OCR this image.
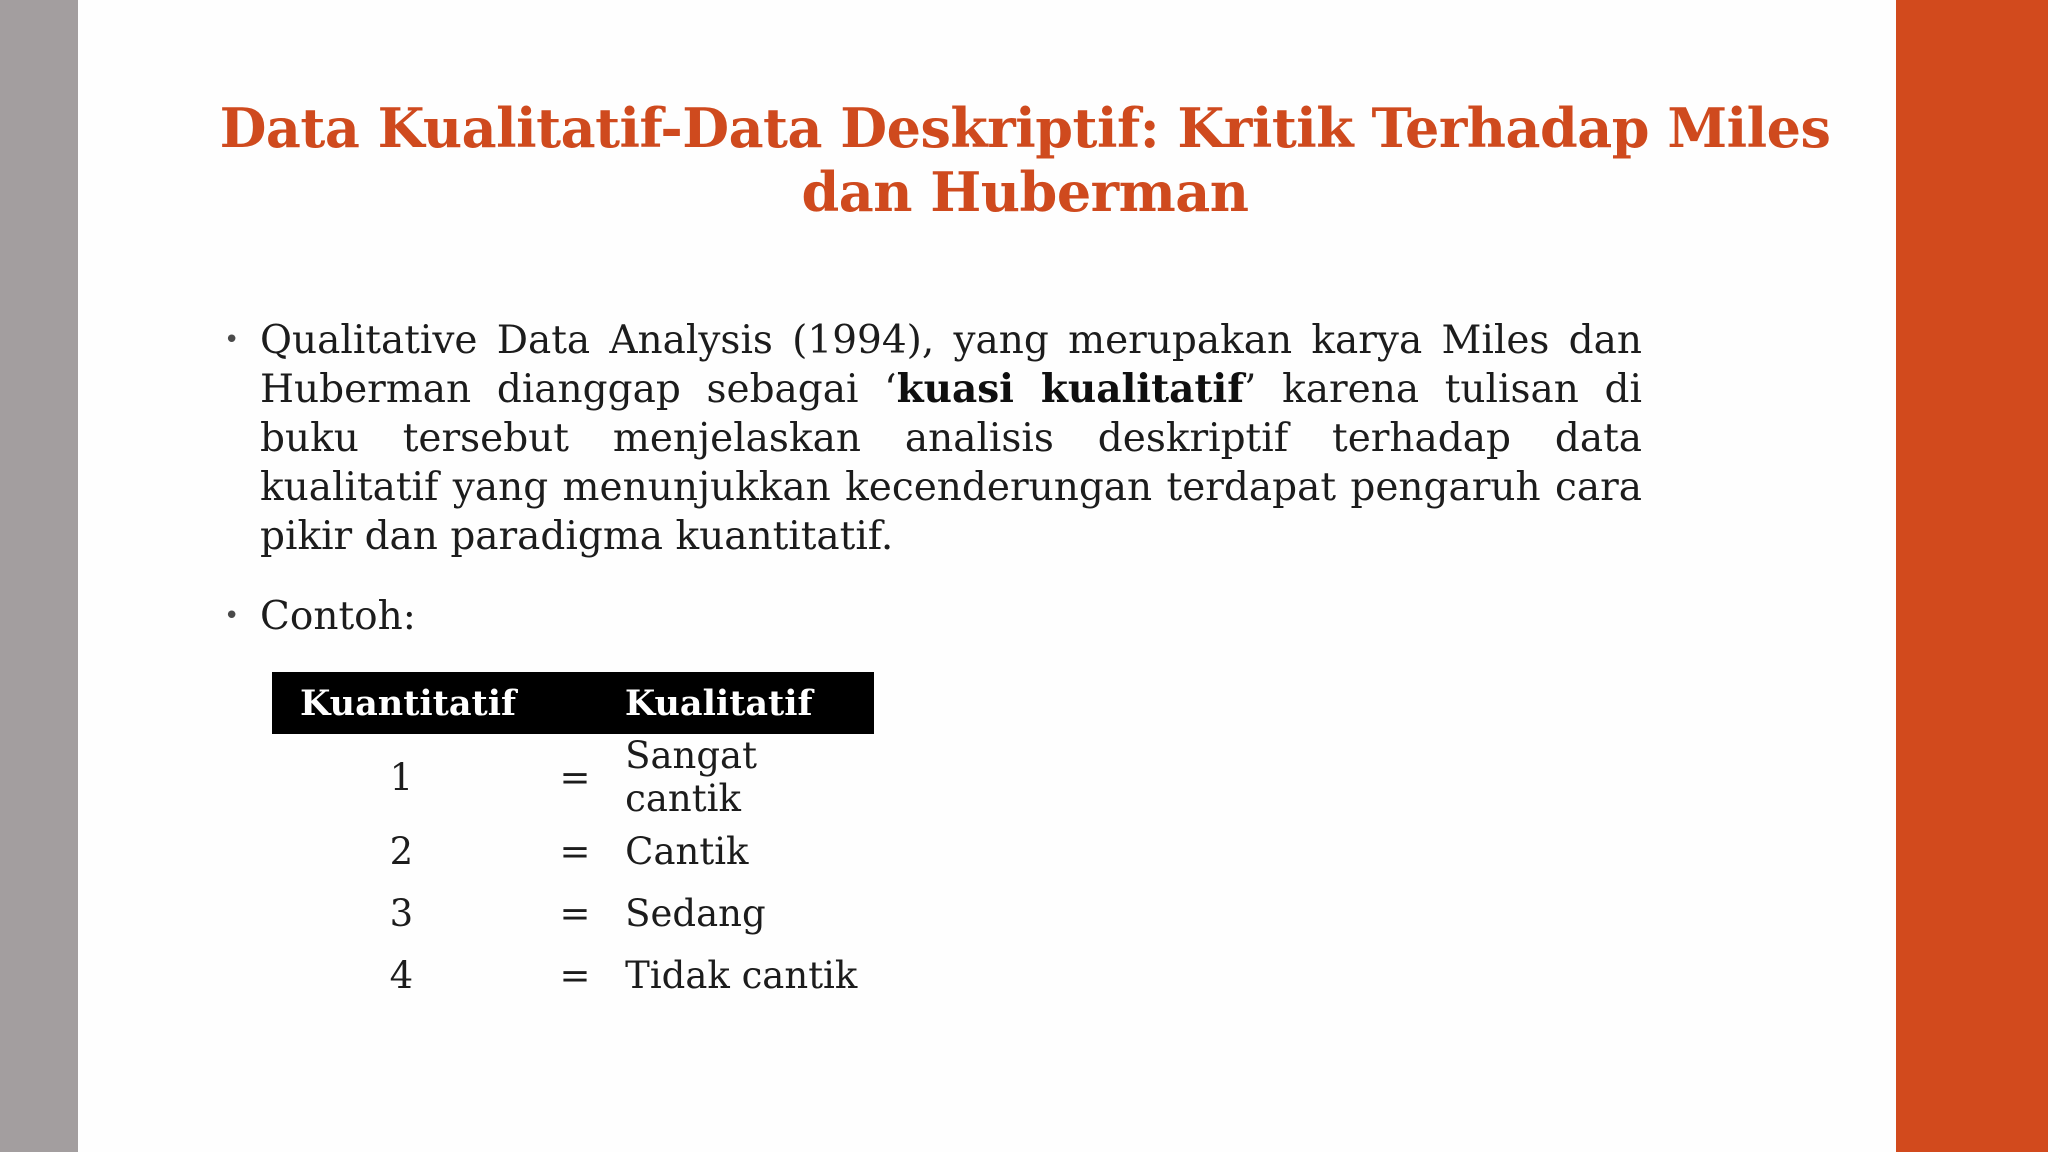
Data Kualitatif-Data Deskriptif: Kritik Terhadap Miles dan Huberman
• Qualitative Data Analysis (1994), yang merupakan karya Miles dan Huberman dianggap sebagai ‘kuasi kualitatif’ karena tulisan di buku tersebut menjelaskan analisis deskriptif terhadap data kualitatif yang menunjukkan kecenderungan terdapat pengaruh cara pikir dan paradigma kuantitatif.

• Contoh:
Kuantitatif	Kualitatif	
1	=	Sangat cantik
2	=	Cantik
3	=	Sedang
4	=	Tidak cantik
